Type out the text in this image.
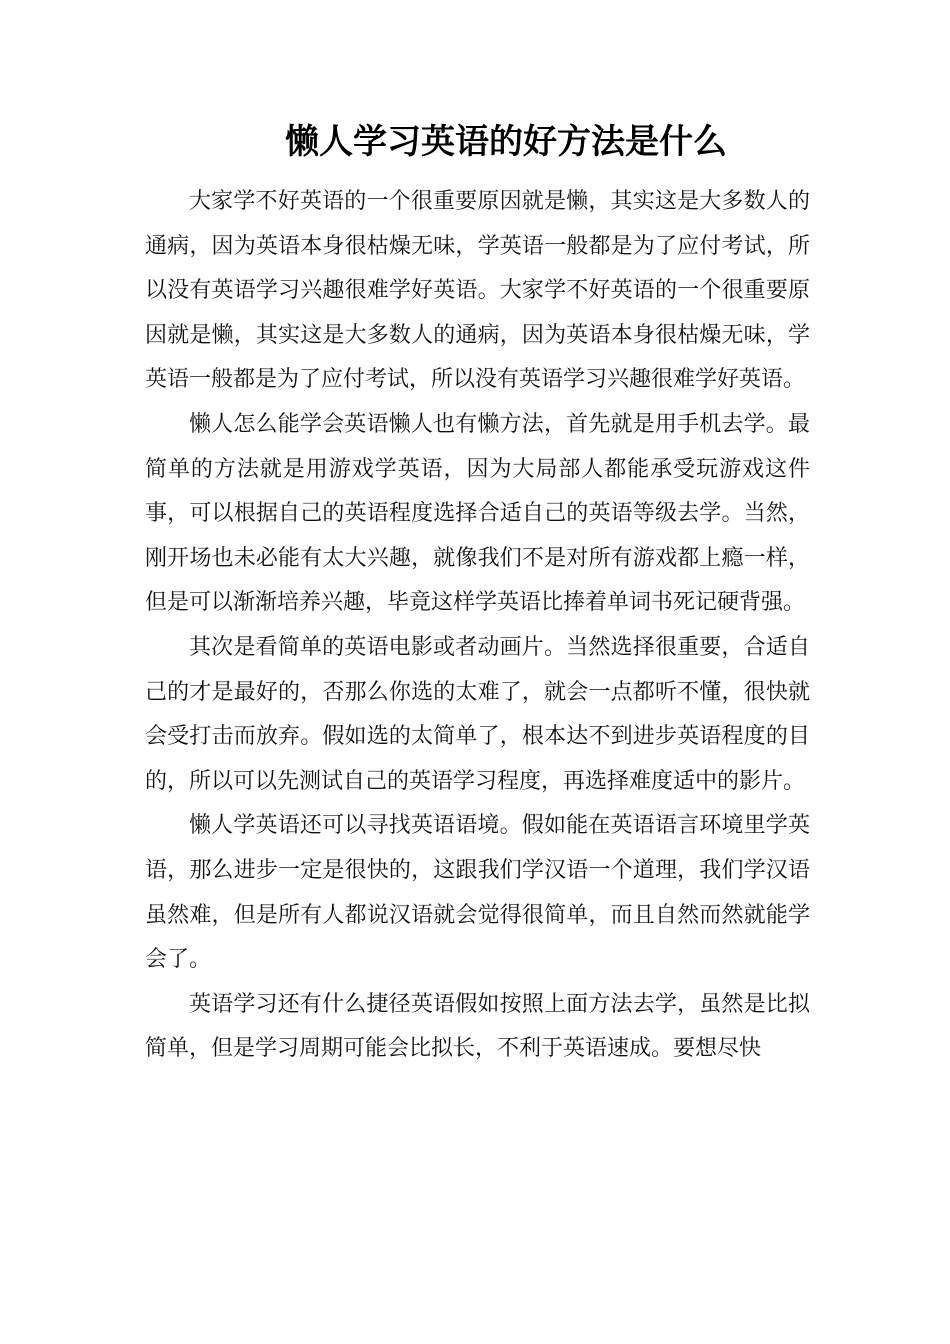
懒人学习英语的好方法是什么

大家学不好英语的一个很重要原因就是懒，其实这是大多数人的通病，因为英语本身很枯燥无味，学英语一般都是为了应付考试，所以没有英语学习兴趣很难学好英语。大家学不好英语的一个很重要原因就是懒，其实这是大多数人的通病，因为英语本身很枯燥无味，学英语一般都是为了应付考试，所以没有英语学习兴趣很难学好英语。

懒人怎么能学会英语懒人也有懒方法，首先就是用手机去学。最简单的方法就是用游戏学英语，因为大局部人都能承受玩游戏这件事，可以根据自己的英语程度选择合适自己的英语等级去学。当然，刚开场也未必能有太大兴趣，就像我们不是对所有游戏都上瘾一样，但是可以渐渐培养兴趣，毕竟这样学英语比捧着单词书死记硬背强。

其次是看简单的英语电影或者动画片。当然选择很重要，合适自己的才是最好的，否那么你选的太难了，就会一点都听不懂，很快就会受打击而放弃。假如选的太简单了，根本达不到进步英语程度的目的，所以可以先测试自己的英语学习程度，再选择难度适中的影片。

懒人学英语还可以寻找英语语境。假如能在英语语言环境里学英语，那么进步一定是很快的，这跟我们学汉语一个道理，我们学汉语虽然难，但是所有人都说汉语就会觉得很简单，而且自然而然就能学会了。

英语学习还有什么捷径英语假如按照上面方法去学，虽然是比拟简单，但是学习周期可能会比拟长，不利于英语速成。要想尽快
